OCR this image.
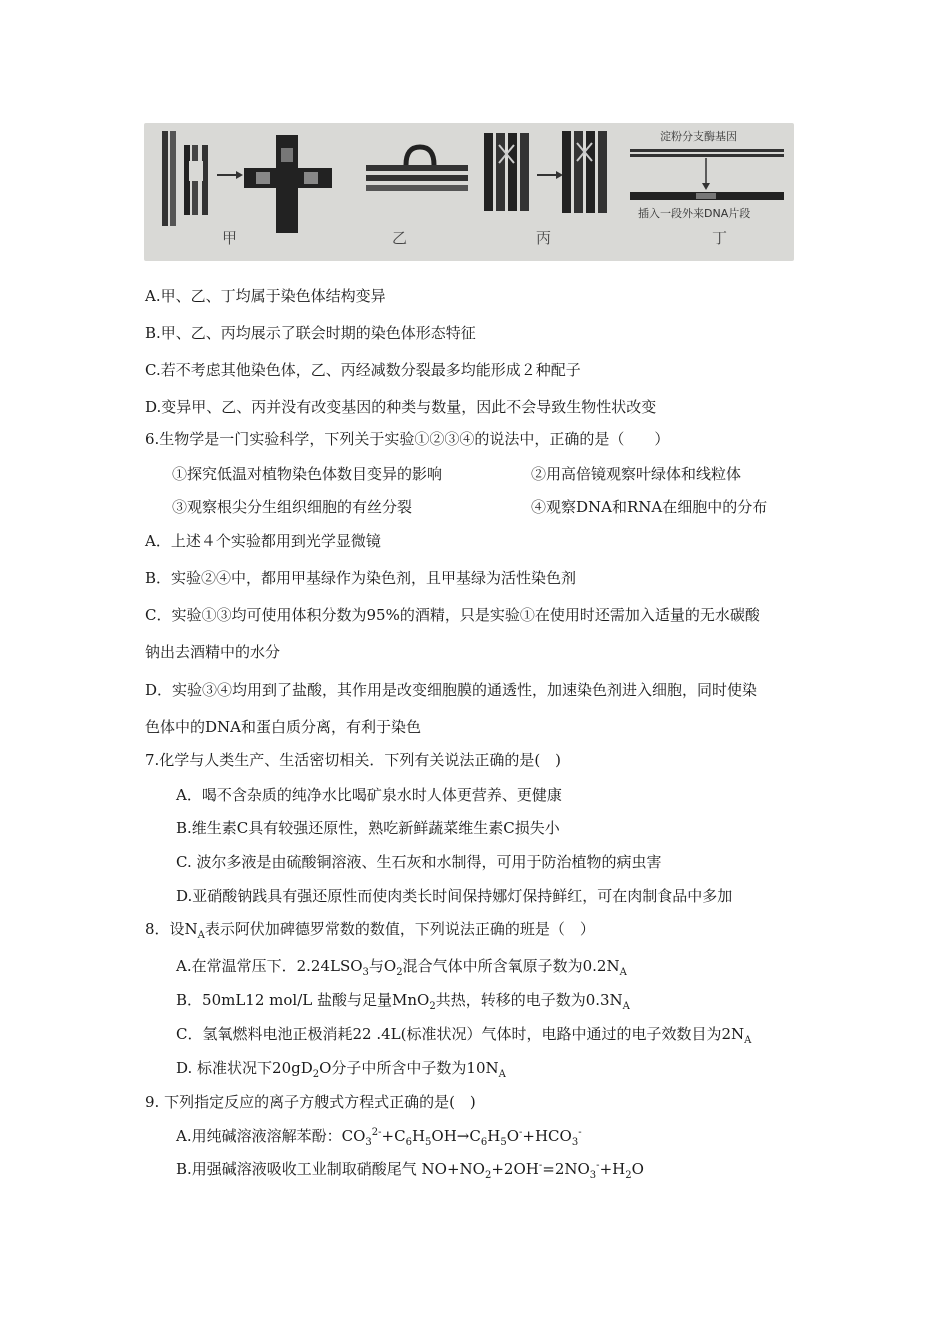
淀粉分支酶基因
插入一段外来DNA片段
甲	乙	丙	丁
A.甲、乙、丁均属于染色体结构变异
B.甲、乙、丙均展示了联会时期的染色体形态特征
C.若不考虑其他染色体，乙、丙经减数分裂最多均能形成２种配子
D.变异甲、乙、丙并没有改变基因的种类与数量，因此不会导致生物性状改变
6.生物学是一门实验科学，下列关于实验①②③④的说法中，正确的是（　　）
①探究低温对植物染色体数目变异的影响	②用高倍镜观察叶绿体和线粒体
③观察根尖分生组织细胞的有丝分裂	④观察DNA和RNA在细胞中的分布
A．上述４个实验都用到光学显微镜
B．实验②④中，都用甲基绿作为染色剂，且甲基绿为活性染色剂
C．实验①③均可使用体积分数为95%的酒精，只是实验①在使用时还需加入适量的无水碳酸
钠出去酒精中的水分
D．实验③④均用到了盐酸，其作用是改变细胞膜的通透性，加速染色剂进入细胞，同时使染
色体中的DNA和蛋白质分离，有利于染色
7.化学与人类生产、生活密切相关．下列有关说法正确的是(　)
A．喝不含杂质的纯净水比喝矿泉水时人体更营养、更健康
B.维生素C具有较强还原性，熟吃新鲜蔬菜维生素C损失小
C. 波尔多液是由硫酸铜溶液、生石灰和水制得，可用于防治植物的病虫害
D.亚硝酸钠践具有强还原性而使肉类长时间保持娜灯保持鲜红，可在肉制食品中多加
8．设$N_A$表示阿伏加碑德罗常数的数值，下列说法正确的班是（　）
A.在常温常压下．$2.24LSO_3$与$O_2$混合气体中所含氧原子数为$0.2N_A$
B．50mL12 mol/L 盐酸与足量MnO$_2$共热，转移的电子数为$0.3N_A$
C．氢氧燃料电池正极消耗22 .4L(标准状况）气体时，电路中通过的电子效数目为$2N_A$
D. 标准状况下$20gD_2O$分子中所含中子数为$10N_A$
9. 下列指定反应的离子方艘式方程式正确的是(　)
A.用纯碱溶液溶解苯酚：$CO_3^{2-}+C_6H_5OH\to C_6H_5O^-+HCO_3^-$
B.用强碱溶液吸收工业制取硝酸尾气 $NO+NO_2+2OH^-=2NO_3^-+H_2O$
